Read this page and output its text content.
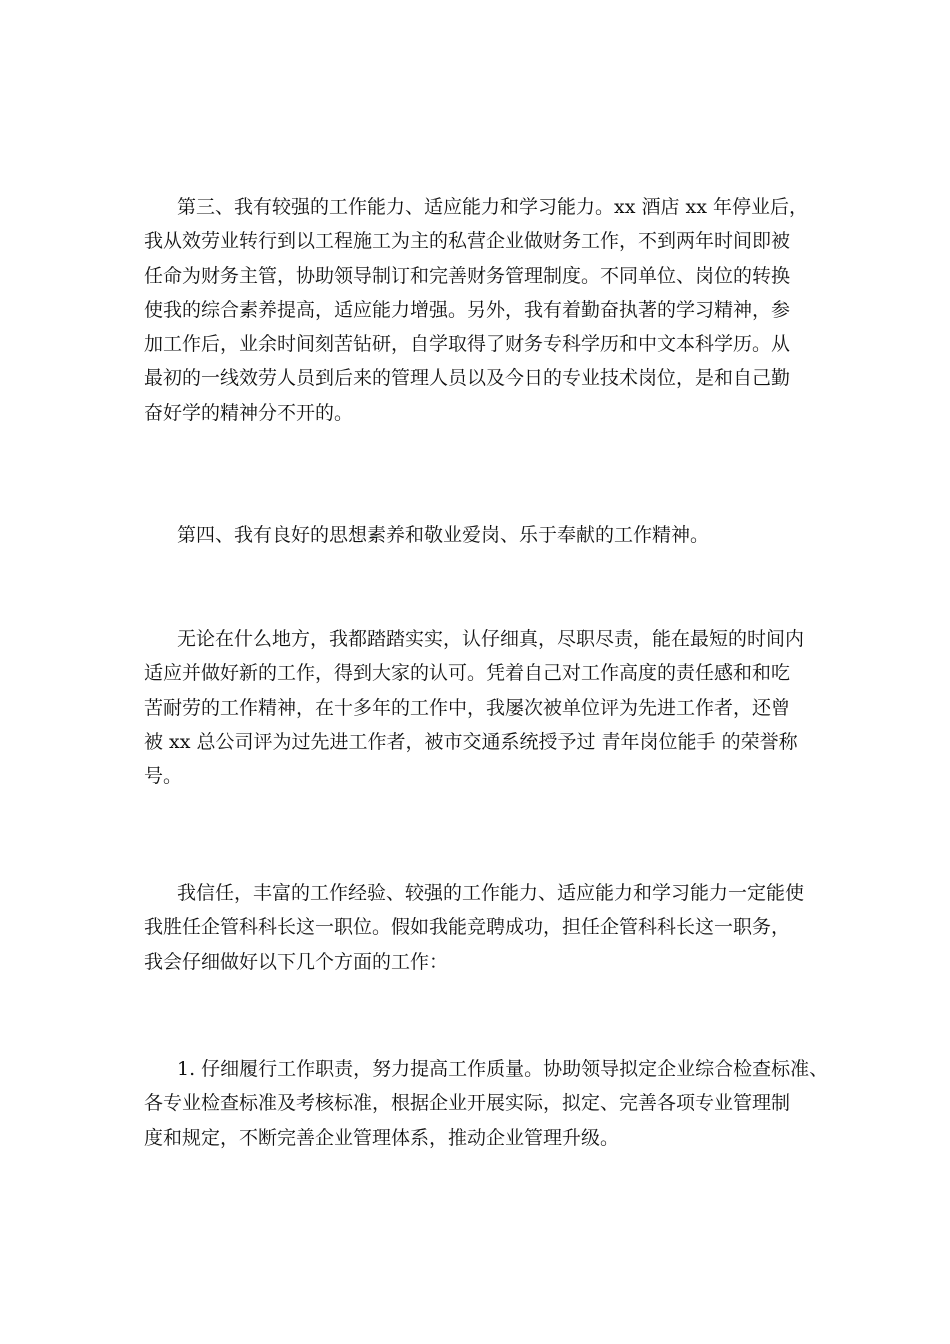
第三、我有较强的工作能力、适应能力和学习能力。xx 酒店 xx 年停业后，
我从效劳业转行到以工程施工为主的私营企业做财务工作，不到两年时间即被
任命为财务主管，协助领导制订和完善财务管理制度。不同单位、岗位的转换
使我的综合素养提高，适应能力增强。另外，我有着勤奋执著的学习精神，参
加工作后，业余时间刻苦钻研，自学取得了财务专科学历和中文本科学历。从
最初的一线效劳人员到后来的管理人员以及今日的专业技术岗位，是和自己勤
奋好学的精神分不开的。
第四、我有良好的思想素养和敬业爱岗、乐于奉献的工作精神。
无论在什么地方，我都踏踏实实，认仔细真，尽职尽责，能在最短的时间内
适应并做好新的工作，得到大家的认可。凭着自己对工作高度的责任感和和吃
苦耐劳的工作精神，在十多年的工作中，我屡次被单位评为先进工作者，还曾
被 xx 总公司评为过先进工作者，被市交通系统授予过 青年岗位能手 的荣誉称
号。
我信任，丰富的工作经验、较强的工作能力、适应能力和学习能力一定能使
我胜任企管科科长这一职位。假如我能竞聘成功，担任企管科科长这一职务，
我会仔细做好以下几个方面的工作：
1. 仔细履行工作职责，努力提高工作质量。协助领导拟定企业综合检查标准、
各专业检查标准及考核标准，根据企业开展实际，拟定、完善各项专业管理制
度和规定，不断完善企业管理体系，推动企业管理升级。
